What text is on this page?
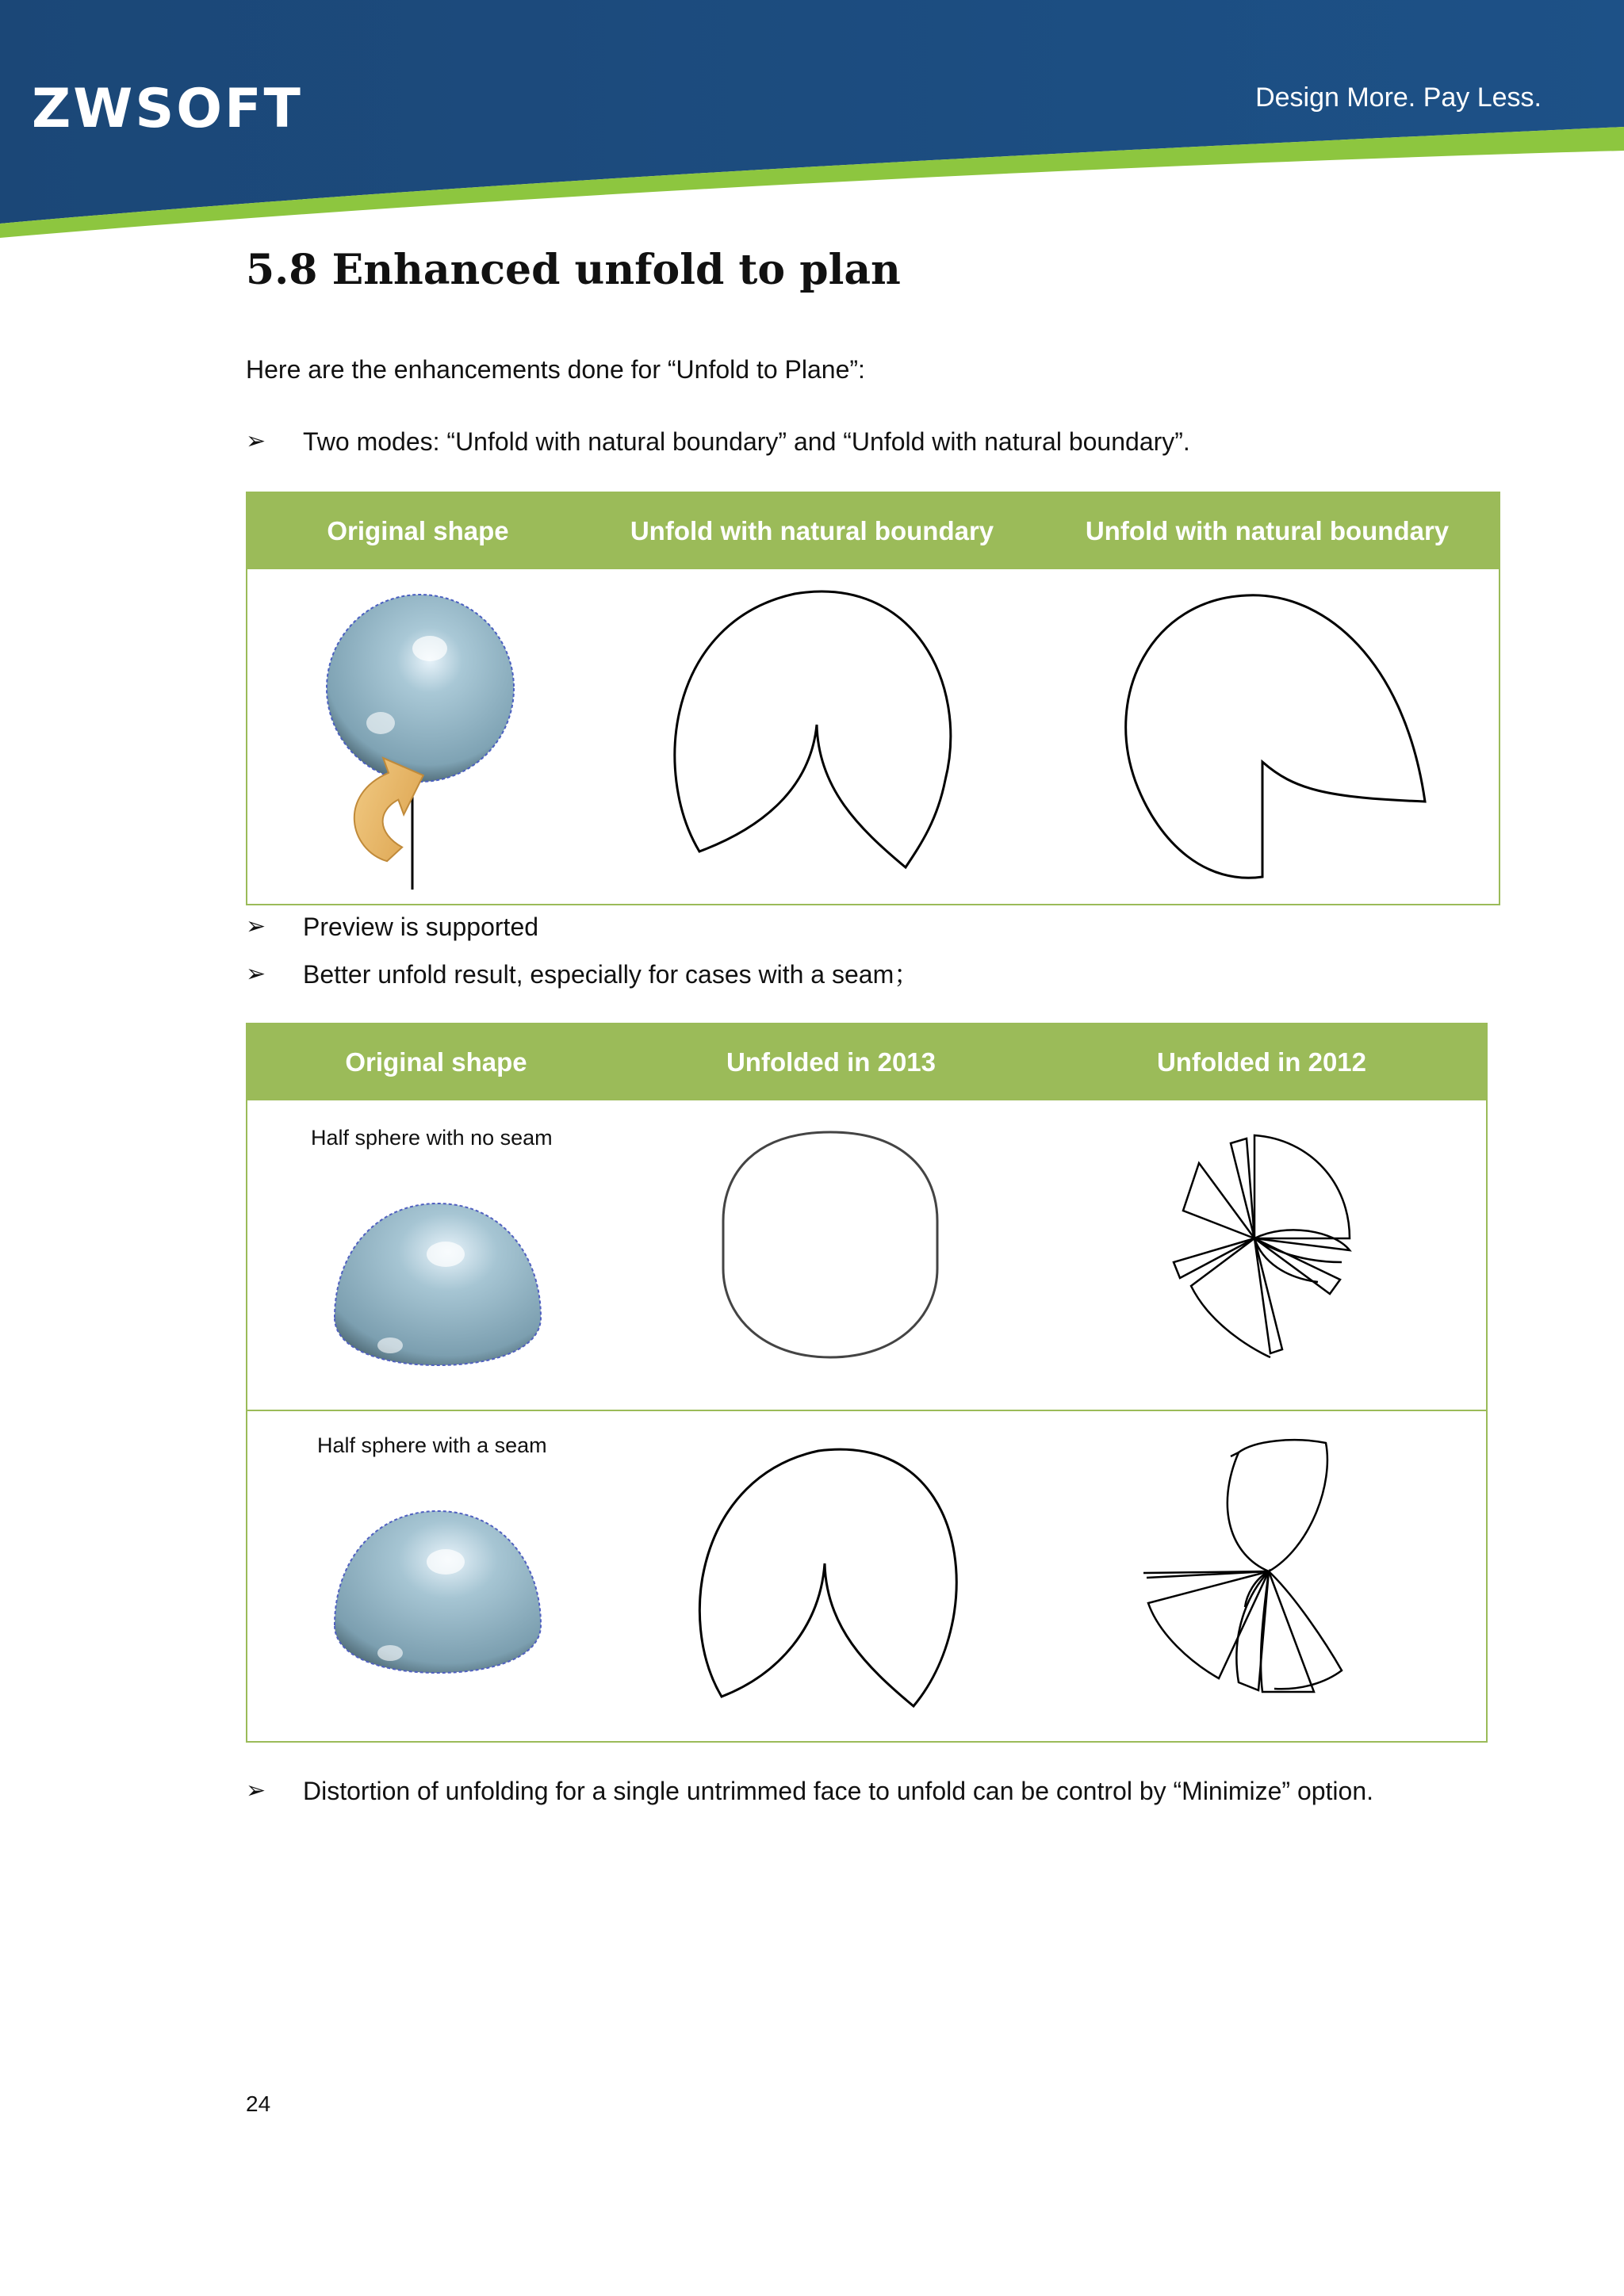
ZWSOFT	Design More. Pay Less.
5.8 Enhanced unfold to plan

Here are the enhancements done for “Unfold to Plane”:

➢	Two modes: “Unfold with natural boundary” and “Unfold with natural boundary”.
Original shape	Unfold with natural boundary	Unfold with natural boundary
➢	Preview is supported
➢	Better unfold result, especially for cases with a seam；
Original shape	Unfolded in 2013	Unfolded in 2012
Half sphere with no seam
Half sphere with a seam
➢	Distortion of unfolding for a single untrimmed face to unfold can be control by “Minimize” option.
24
